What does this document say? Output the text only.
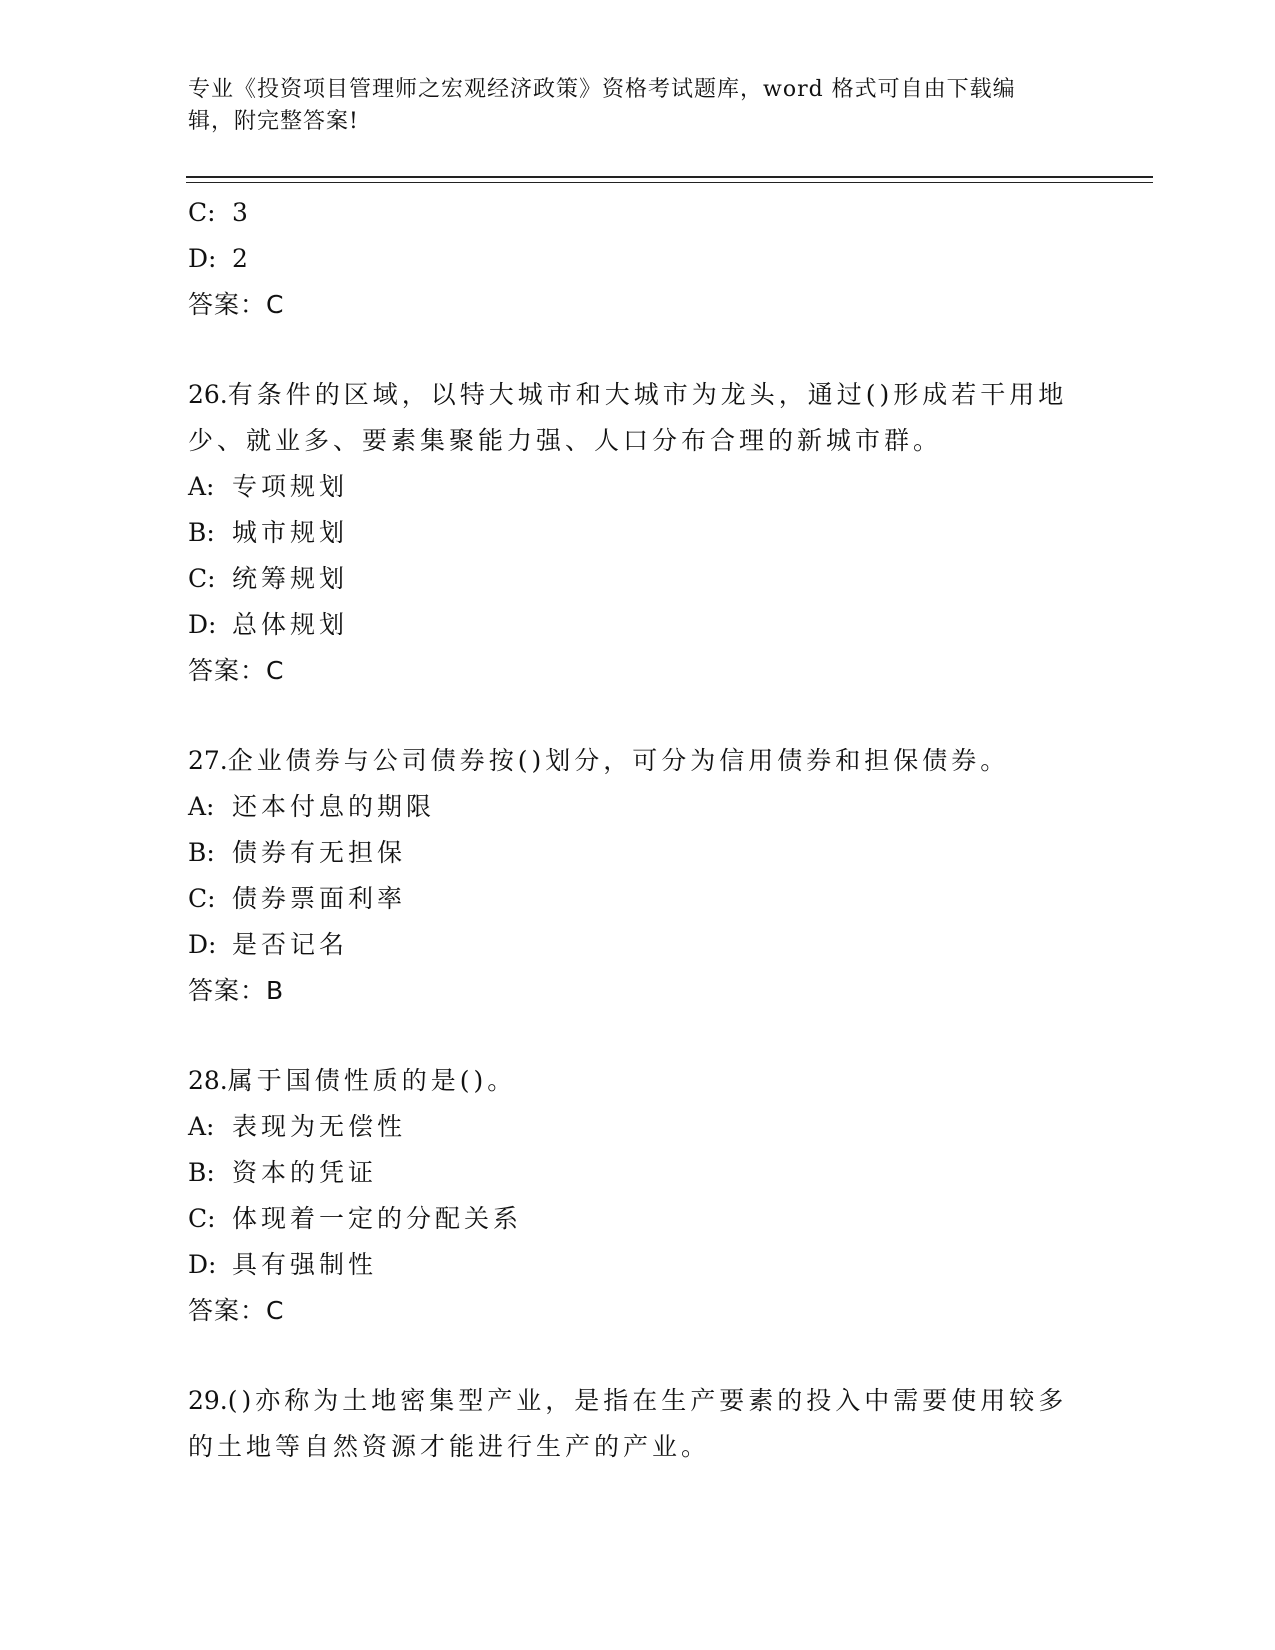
专业《投资项目管理师之宏观经济政策》资格考试题库，word 格式可自由下载编
辑，附完整答案!
C: 3
D: 2
答案：C
26.有条件的区域，以特大城市和大城市为龙头，通过()形成若干用地
少、就业多、要素集聚能力强、人口分布合理的新城市群。
A: 专项规划
B: 城市规划
C: 统筹规划
D: 总体规划
答案：C
27.企业债券与公司债券按()划分，可分为信用债券和担保债券。
A: 还本付息的期限
B: 债券有无担保
C: 债券票面利率
D: 是否记名
答案：B
28.属于国债性质的是()。
A: 表现为无偿性
B: 资本的凭证
C: 体现着一定的分配关系
D: 具有强制性
答案：C
29.()亦称为土地密集型产业，是指在生产要素的投入中需要使用较多
的土地等自然资源才能进行生产的产业。
